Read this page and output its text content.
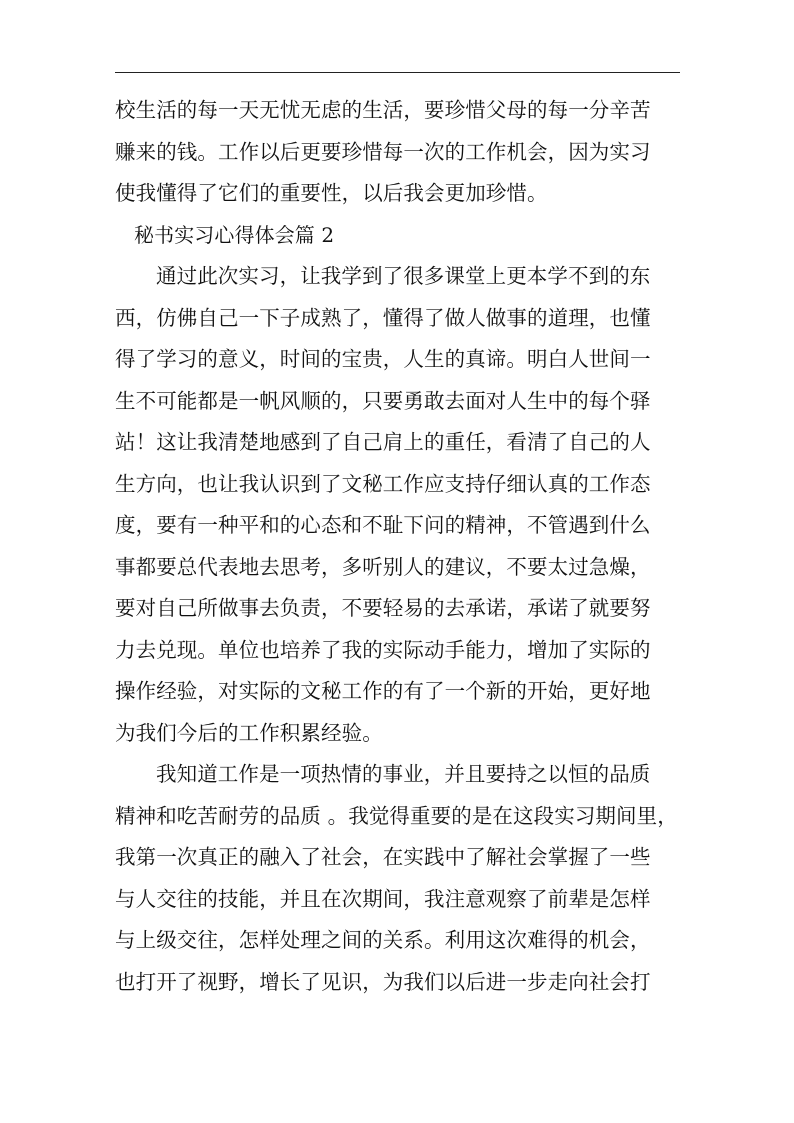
校生活的每一天无忧无虑的生活，要珍惜父母的每一分辛苦
赚来的钱。工作以后更要珍惜每一次的工作机会，因为实习
使我懂得了它们的重要性，以后我会更加珍惜。
秘书实习心得体会篇 2
通过此次实习，让我学到了很多课堂上更本学不到的东
西，仿佛自己一下子成熟了，懂得了做人做事的道理，也懂
得了学习的意义，时间的宝贵，人生的真谛。明白人世间一
生不可能都是一帆风顺的，只要勇敢去面对人生中的每个驿
站！这让我清楚地感到了自己肩上的重任，看清了自己的人
生方向，也让我认识到了文秘工作应支持仔细认真的工作态
度，要有一种平和的心态和不耻下问的精神，不管遇到什么
事都要总代表地去思考，多听别人的建议，不要太过急燥，
要对自己所做事去负责，不要轻易的去承诺，承诺了就要努
力去兑现。单位也培养了我的实际动手能力，增加了实际的
操作经验，对实际的文秘工作的有了一个新的开始，更好地
为我们今后的工作积累经验。
我知道工作是一项热情的事业，并且要持之以恒的品质
精神和吃苦耐劳的品质 。我觉得重要的是在这段实习期间里，
我第一次真正的融入了社会，在实践中了解社会掌握了一些
与人交往的技能，并且在次期间，我注意观察了前辈是怎样
与上级交往，怎样处理之间的关系。利用这次难得的机会，
也打开了视野，增长了见识，为我们以后进一步走向社会打
